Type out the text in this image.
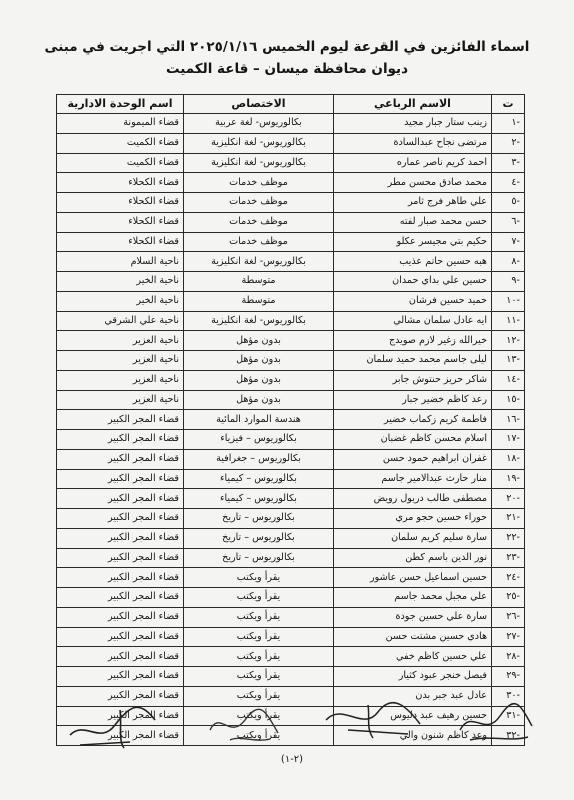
اسماء الفائزين في القرعة ليوم الخميس ٢٠٢٥/١/١٦ التي اجريت في مبنى
ديوان محافظة ميسان – قاعة الكميت
ت	الاسم الرباعي	الاختصاص	اسم الوحدة الادارية
-١	زينب ستار جبار مجيد	بكالوريوس- لغة عربية	قضاء الميمونة
-٢	مرتضى نجاح عبدالسادة	بكالوريوس- لغة انكليزية	قضاء الكميت
-٣	احمد كريم ناصر عماره	بكالوريوس- لغة انكليزية	قضاء الكميت
-٤	محمد صادق محسن مطر	موظف خدمات	قضاء الكحلاء
-٥	علي طاهر فرج ثامر	موظف خدمات	قضاء الكحلاء
-٦	حسن محمد صبار لفته	موظف خدمات	قضاء الكحلاء
-٧	حكيم بتي مجيسر عكلو	موظف خدمات	قضاء الكحلاء
-٨	هبه حسين حاتم عذيب	بكالوريوس- لغة انكليزية	ناحية السلام
-٩	حسين علي بداي حمدان	متوسطة	ناحية الخير
-١٠	حميد حسين فرشان	متوسطة	ناحية الخير
-١١	ايه عادل سلمان مشالي	بكالوريوس- لغة انكليزية	ناحية علي الشرقي
-١٢	خيرالله زغير لازم صويدج	بدون مؤهل	ناحية العزير
-١٣	ليلى جاسم محمد حميد سلمان	بدون مؤهل	ناحية العزير
-١٤	شاكر حريز حنتوش جابر	بدون مؤهل	ناحية العزير
-١٥	رعد كاظم خضير جبار	بدون مؤهل	ناحية العزير
-١٦	فاطمة كريم زكماب خضير	هندسة الموارد المائية	قضاء المجر الكبير
-١٧	اسلام محسن كاظم غضبان	بكالوريوس – فيزياء	قضاء المجر الكبير
-١٨	غفران ابراهيم حمود حسن	بكالوريوس – جغرافية	قضاء المجر الكبير
-١٩	منار حارث عبدالامير جاسم	بكالوريوس – كيمياء	قضاء المجر الكبير
-٢٠	مصطفى طالب دريول رويض	بكالوريوس – كيمياء	قضاء المجر الكبير
-٢١	حوراء حسين حجو مري	بكالوريوس – تاريخ	قضاء المجر الكبير
-٢٢	سارة سليم كريم سلمان	بكالوريوس – تاريخ	قضاء المجر الكبير
-٢٣	نور الدين باسم كطن	بكالوريوس – تاريخ	قضاء المجر الكبير
-٢٤	حسين اسماعيل حسن عاشور	يقرأ ويكتب	قضاء المجر الكبير
-٢٥	علي مجبل محمد جاسم	يقرأ ويكتب	قضاء المجر الكبير
-٢٦	سارة علي حسين جودة	يقرأ ويكتب	قضاء المجر الكبير
-٢٧	هادي حسين مشتت حسن	يقرأ ويكتب	قضاء المجر الكبير
-٢٨	علي حسين كاظم خفي	يقرأ ويكتب	قضاء المجر الكبير
-٢٩	فيصل خنجر عبود كثيار	يقرأ ويكتب	قضاء المجر الكبير
-٣٠	عادل عبد جبر بدن	يقرأ ويكتب	قضاء المجر الكبير
-٣١	حسين رهيف عبد دليوس	يقرأ ويكتب	قضاء المجر الكبير
-٣٢	وعد كاظم شنون والي	يقرأ ويكتب	قضاء المجر الكبير
(٢-١)
